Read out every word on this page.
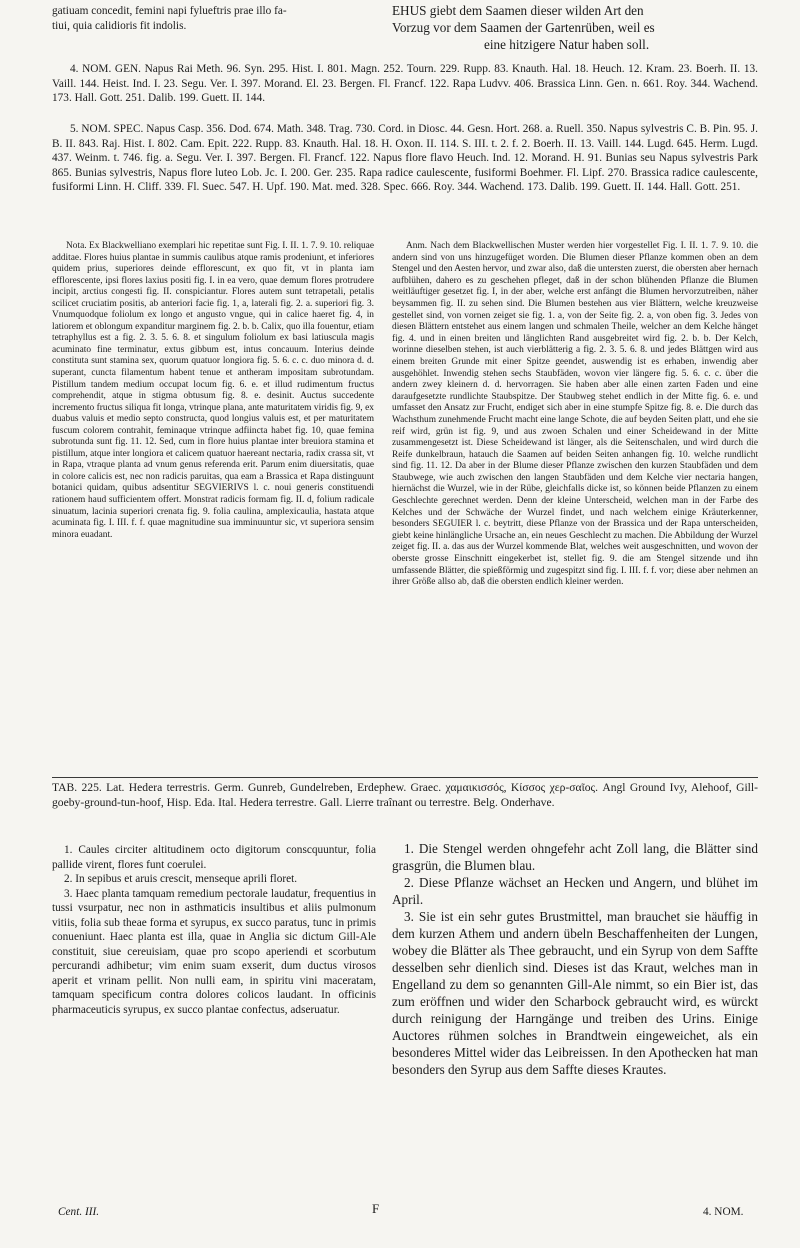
gatiuam concedit, femini napi fylueftris prae illo fa-
tiui, quia calidioris fit indolis.
EHUS giebt dem Saamen dieser wilden Art den
Vorzug vor dem Saamen der Gartenrüben, weil es
eine hitzigere Natur haben soll.

4. NOM. GEN. Napus Rai Meth. 96. Syn. 295. Hist. I. 801. Magn. 252. Tourn. 229. Rupp. 83. Knauth. Hal. 18. Heuch. 12. Kram. 23. Boerh. II. 13. Vaill. 144. Heist. Ind. I. 23. Segu. Ver. I. 397. Morand. El. 23. Bergen. Fl. Francf. 122. Rapa Ludvv. 406. Brassica Linn. Gen. n. 661. Roy. 344. Wachend. 173. Hall. Gott. 251. Dalib. 199. Guett. II. 144.

5. NOM. SPEC. Napus Casp. 356. Dod. 674. Math. 348. Trag. 730. Cord. in Diosc. 44. Gesn. Hort. 268. a. Ruell. 350. Napus sylvestris C. B. Pin. 95. J. B. II. 843. Raj. Hist. I. 802. Cam. Epit. 222. Rupp. 83. Knauth. Hal. 18. H. Oxon. II. 114. S. III. t. 2. f. 2. Boerh. II. 13. Vaill. 144. Lugd. 645. Herm. Lugd. 437. Weinm. t. 746. fig. a. Segu. Ver. I. 397. Bergen. Fl. Francf. 122. Napus flore flavo Heuch. Ind. 12. Morand. H. 91. Bunias seu Napus sylvestris Park 865. Bunias sylvestris, Napus flore luteo Lob. Jc. I. 200. Ger. 235. Rapa radice caulescente, fusiformi Boehmer. Fl. Lipf. 270. Brassica radice caulescente, fusiformi Linn. H. Cliff. 339. Fl. Suec. 547. H. Upf. 190. Mat. med. 328. Spec. 666. Roy. 344. Wachend. 173. Dalib. 199. Guett. II. 144. Hall. Gott. 251.

Nota. Ex Blackwelliano exemplari hic repetitae sunt Fig. I. II. 1. 7. 9. 10. reliquae additae. Flores huius plantae in summis caulibus atque ramis prodeniunt, et inferiores quidem prius, superiores deinde efflorescunt, ex quo fit, vt in planta iam efflorescente, ipsi flores laxius positi fig. I. in ea vero, quae demum flores protrudere incipit, arctius congesti fig. II. conspiciantur. Flores autem sunt tetrapetali, petalis scilicet cruciatim positis, ab anteriori facie fig. 1, a, laterali fig. 2. a. superiori fig. 3. Vnumquodque foliolum ex longo et angusto vngue, qui in calice haeret fig. 4, in latiorem et oblongum expanditur marginem fig. 2. b. b. Calix, quo illa fouentur, etiam tetraphyllus est a fig. 2. 3. 5. 6. 8. et singulum foliolum ex basi latiuscula magis acuminato fine terminatur, extus gibbum est, intus concauum. Interius deinde constituta sunt stamina sex, quorum quatuor longiora fig. 5. 6. c. c. duo minora d. d. superant, cuncta filamentum habent tenue et antheram impositam subrotundam. Pistillum tandem medium occupat locum fig. 6. e. et illud rudimentum fructus comprehendit, atque in stigma obtusum fig. 8. e. desinit. Auctus succedente incremento fructus siliqua fit longa, vtrinque plana, ante maturitatem viridis fig. 9, ex duabus valuis et medio septo constructa, quod longius valuis est, et per maturitatem fuscum colorem contrahit, feminaque vtrinque adfiincta habet fig. 10, quae femina subrotunda sunt fig. 11. 12. Sed, cum in flore huius plantae inter breuiora stamina et pistillum, atque inter longiora et calicem quatuor haereant nectaria, radix crassa sit, vt in Rapa, vtraque planta ad vnum genus referenda erit. Parum enim diuersitatis, quae in colore calicis est, nec non radicis paruitas, qua eam a Brassica et Rapa distinguunt botanici quidam, quibus adsentitur SEGVIERIVS l. c. noui generis constituendi rationem haud sufficientem offert. Monstrat radicis formam fig. II. d, folium radicale sinuatum, lacinia superiori crenata fig. 9. folia caulina, amplexicaulia, hastata atque acuminata fig. I. III. f. f. quae magnitudine sua imminuuntur sic, vt superiora sensim minora euadant.

Anm. Nach dem Blackwellischen Muster werden hier vorgestellet Fig. I. II. 1. 7. 9. 10. die andern sind von uns hinzugefüget worden. Die Blumen dieser Pflanze kommen oben an dem Stengel und den Aesten hervor, und zwar also, daß die untersten zuerst, die obersten aber hernach aufblühen, dahero es zu geschehen pfleget, daß in der schon blühenden Pflanze die Blumen weitläuftiger gesetzet fig. I, in der aber, welche erst anfängt die Blumen hervorzutreiben, näher beysammen fig. II. zu sehen sind. Die Blumen bestehen aus vier Blättern, welche kreuzweise gestellet sind, von vornen zeiget sie fig. 1. a, von der Seite fig. 2. a, von oben fig. 3. Jedes von diesen Blättern entstehet aus einem langen und schmalen Theile, welcher an dem Kelche hänget fig. 4. und in einen breiten und länglichten Rand ausgebreitet wird fig. 2. b. b. Der Kelch, worinne dieselben stehen, ist auch vierblätterig a fig. 2. 3. 5. 6. 8. und jedes Blättgen wird aus einem breiten Grunde mit einer Spitze geendet, auswendig ist es erhaben, inwendig aber ausgehöhlet. Inwendig stehen sechs Staubfäden, wovon vier längere fig. 5. 6. c. c. über die andern zwey kleinern d. d. hervorragen. Sie haben aber alle einen zarten Faden und eine daraufgesetzte rundlichte Staubspitze. Der Staubweg stehet endlich in der Mitte fig. 6. e. und umfasset den Ansatz zur Frucht, endiget sich aber in eine stumpfe Spitze fig. 8. e. Die durch das Wachsthum zunehmende Frucht macht eine lange Schote, die auf beyden Seiten platt, und ehe sie reif wird, grün ist fig. 9, und aus zwoen Schalen und einer Scheidewand in der Mitte zusammengesetzt ist. Diese Scheidewand ist länger, als die Seitenschalen, und wird durch die Reife dunkelbraun, hatauch die Saamen auf beiden Seiten anhangen fig. 10. welche rundlicht sind fig. 11. 12. Da aber in der Blume dieser Pflanze zwischen den kurzen Staubfäden und dem Staubwege, wie auch zwischen den langen Staubfäden und dem Kelche vier nectaria hangen, hiernächst die Wurzel, wie in der Rübe, gleichfalls dicke ist, so können beide Pflanzen zu einem Geschlechte gerechnet werden. Denn der kleine Unterscheid, welchen man in der Farbe des Kelches und der Schwäche der Wurzel findet, und nach welchem einige Kräuterkenner, besonders SEGUIER l. c. beytritt, diese Pflanze von der Brassica und der Rapa unterscheiden, giebt keine hinlängliche Ursache an, ein neues Geschlecht zu machen. Die Abbildung der Wurzel zeiget fig. II. a. das aus der Wurzel kommende Blat, welches weit ausgeschnitten, und wovon der oberste grosse Einschnitt eingekerbet ist, stellet fig. 9. die am Stengel sitzende und ihn umfassende Blätter, die spießförmig und zugespitzt sind fig. I. III. f. f. vor; diese aber nehmen an ihrer Größe allso ab, daß die obersten endlich kleiner werden.

TAB. 225. Lat. Hedera terrestris. Germ. Gunreb, Gundelreben, Erdephew. Graec. χαμαικισσός, Κίσσος χερ-σαῖος. Angl Ground Ivy, Alehoof, Gill-goeby-ground-tun-hoof, Hisp. Eda. Ital. Hedera terrestre. Gall. Lierre traînant ou terrestre. Belg. Onderhave.

1. Caules circiter altitudinem octo digitorum conscquuntur, folia pallide virent, flores funt coerulei.

2. In sepibus et aruis crescit, menseque aprili floret.

3. Haec planta tamquam remedium pectorale laudatur, frequentius in tussi vsurpatur, nec non in asthmaticis insultibus et aliis pulmonum vitiis, folia sub theae forma et syrupus, ex succo paratus, tunc in primis conueniunt. Haec planta est illa, quae in Anglia sic dictum Gill-Ale constituit, siue cereuisiam, quae pro scopo aperiendi et scorbutum percurandi adhibetur; vim enim suam exserit, dum ductus virosos aperit et vrinam pellit. Non nulli eam, in spiritu vini maceratam, tamquam specificum contra dolores colicos laudant. In officinis pharmaceuticis syrupus, ex succo plantae confectus, adseruatur.

1. Die Stengel werden ohngefehr acht Zoll lang, die Blätter sind grasgrün, die Blumen blau.

2. Diese Pflanze wächset an Hecken und Angern, und blühet im April.

3. Sie ist ein sehr gutes Brustmittel, man brauchet sie häuffig in dem kurzen Athem und andern übeln Beschaffenheiten der Lungen, wobey die Blätter als Thee gebraucht, und ein Syrup von dem Saffte desselben sehr dienlich sind. Dieses ist das Kraut, welches man in Engelland zu dem so genannten Gill-Ale nimmt, so ein Bier ist, das zum eröffnen und wider den Scharbock gebraucht wird, es würckt durch reinigung der Harngänge und treiben des Urins. Einige Auctores rühmen solches in Brandtwein eingeweichet, als ein besonderes Mittel wider das Leibreissen. In den Apothecken hat man besonders den Syrup aus dem Saffte dieses Krautes.

Cent. III.	F	4. NOM.
